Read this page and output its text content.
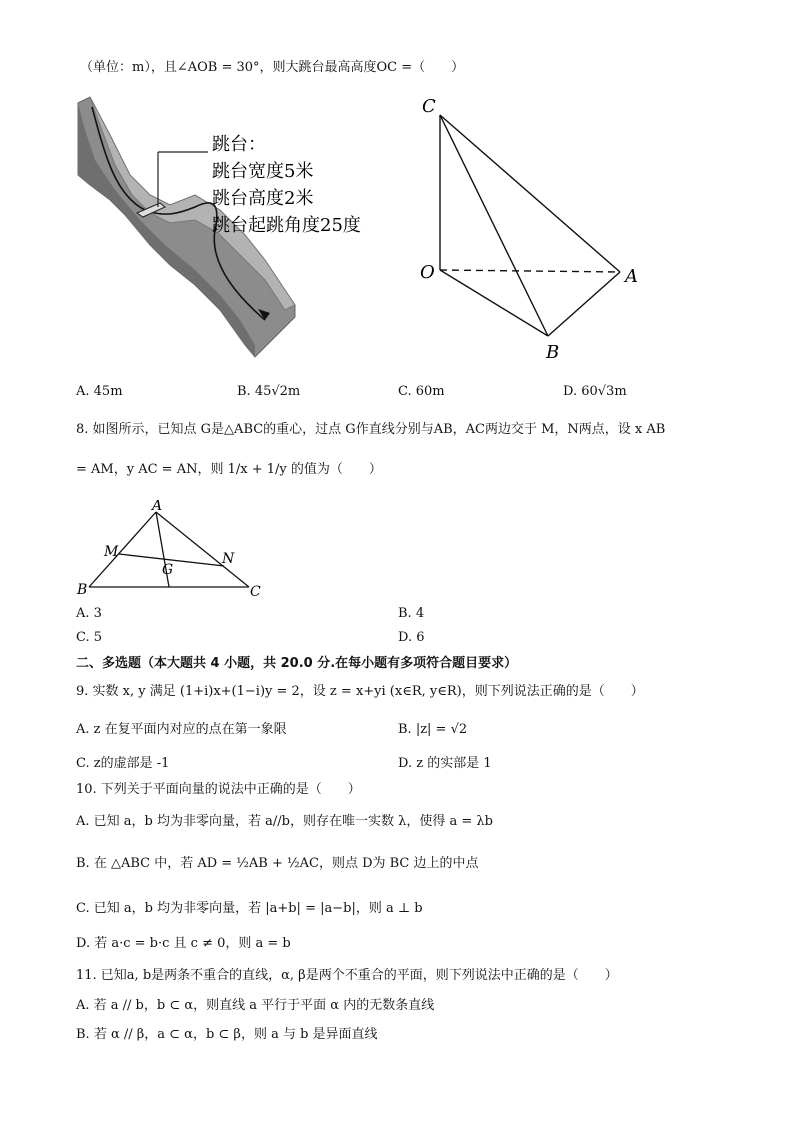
（单位：m），且∠AOB = 30°，则大跳台最高高度OC =（　　）
跳台：
跳台宽度5米
跳台高度2米
跳台起跳角度25度
C
O	A
B
A. 45m	B. 45√2m	C. 60m	D. 60√3m
8. 如图所示，已知点 G是△ABC的重心，过点 G作直线分别与AB，AC两边交于 M，N两点，设 x AB
= AM，y AC = AN，则 1/x + 1/y 的值为（　　）
A
M	N
G
B	C
A. 3	B. 4
C. 5	D. 6
二、多选题（本大题共 4 小题，共 20.0 分.在每小题有多项符合题目要求）
9. 实数 x, y 满足 (1+i)x+(1−i)y = 2，设 z = x+yi (x∈R, y∈R)，则下列说法正确的是（　　）
A. z 在复平面内对应的点在第一象限	B. |z| = √2
C. z的虚部是 -1	D. z 的实部是 1
10. 下列关于平面向量的说法中正确的是（　　）
A. 已知 a，b 均为非零向量，若 a//b，则存在唯一实数 λ，使得 a = λb
B. 在 △ABC 中，若 AD = ½AB + ½AC，则点 D为 BC 边上的中点
C. 已知 a，b 均为非零向量，若 |a+b| = |a−b|，则 a ⊥ b
D. 若 a·c = b·c 且 c ≠ 0，则 a = b
11. 已知a, b是两条不重合的直线，α, β是两个不重合的平面，则下列说法中正确的是（　　）
A. 若 a // b，b ⊂ α，则直线 a 平行于平面 α 内的无数条直线
B. 若 α // β，a ⊂ α，b ⊂ β，则 a 与 b 是异面直线
